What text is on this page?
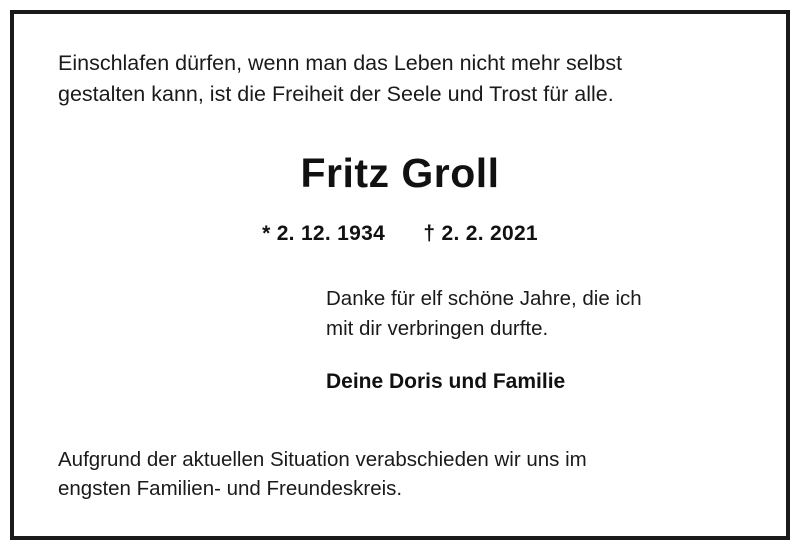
Einschlafen dürfen, wenn man das Leben nicht mehr selbst

gestalten kann, ist die Freiheit der Seele und Trost für alle.

Fritz Groll
* 2. 12. 1934 † 2. 2. 2021

Danke für elf schöne Jahre, die ich

mit dir verbringen durfte.

Deine Doris und Familie

Aufgrund der aktuellen Situation verabschieden wir uns im

engsten Familien- und Freundeskreis.
